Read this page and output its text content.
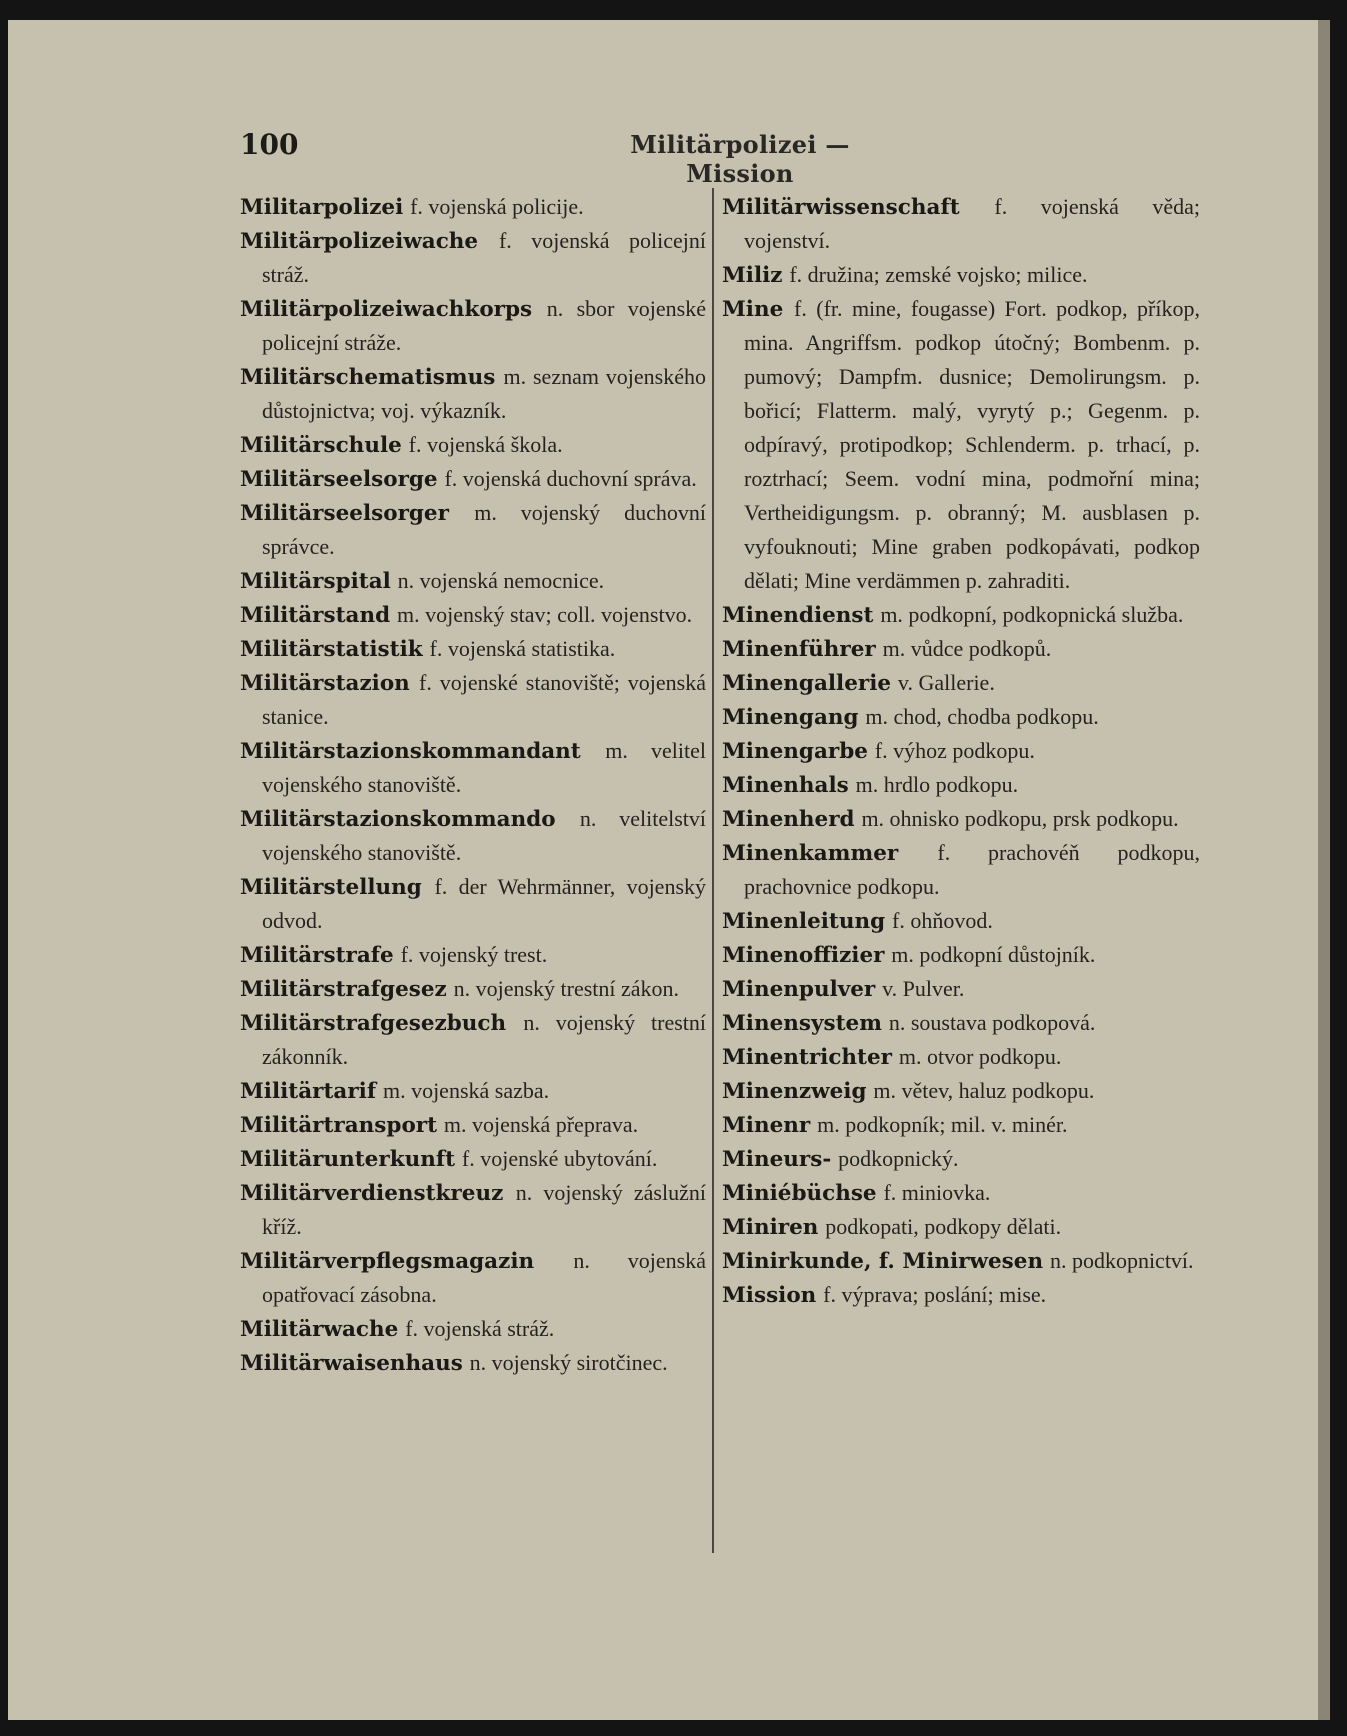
100	Militärpolizei — Mission

Militarpolizei f. vojenská policije.

Militärpolizeiwache f. vojenská policejní stráž.

Militärpolizeiwachkorps n. sbor vojenské policejní stráže.

Militärschematismus m. seznam vojenského důstojnictva; voj. výkazník.

Militärschule f. vojenská škola.

Militärseelsorge f. vojenská duchovní správa.

Militärseelsorger m. vojenský duchovní správce.

Militärspital n. vojenská nemocnice.

Militärstand m. vojenský stav; coll. vojenstvo.

Militärstatistik f. vojenská statistika.

Militärstazion f. vojenské stanoviště; vojenská stanice.

Militärstazionskommandant m. velitel vojenského stanoviště.

Militärstazionskommando n. velitelství vojenského stanoviště.

Militärstellung f. der Wehrmänner, vojenský odvod.

Militärstrafe f. vojenský trest.

Militärstrafgesez n. vojenský trestní zákon.

Militärstrafgesezbuch n. vojenský trestní zákonník.

Militärtarif m. vojenská sazba.

Militärtransport m. vojenská přeprava.

Militärunterkunft f. vojenské ubytování.

Militärverdienstkreuz n. vojenský záslužní kříž.

Militärverpflegsmagazin n. vojenská opatřovací zásobna.

Militärwache f. vojenská stráž.

Militärwaisenhaus n. vojenský sirotčinec.

Militärwissenschaft f. vojenská věda; vojenství.

Miliz f. družina; zemské vojsko; milice.

Mine f. (fr. mine, fougasse) Fort. podkop, příkop, mina. Angriffsm. podkop útočný; Bombenm. p. pumový; Dampfm. dusnice; Demolirungsm. p. bořicí; Flatterm. malý, vyrytý p.; Gegenm. p. odpíravý, protipodkop; Schlenderm. p. trhací, p. roztrhací; Seem. vodní mina, podmořní mina; Vertheidigungsm. p. obranný; M. ausblasen p. vyfouknouti; Mine graben podkopávati, podkop dělati; Mine verdämmen p. zahraditi.

Minendienst m. podkopní, podkopnická služba.

Minenführer m. vůdce podkopů.

Minengallerie v. Gallerie.

Minengang m. chod, chodba podkopu.

Minengarbe f. výhoz podkopu.

Minenhals m. hrdlo podkopu.

Minenherd m. ohnisko podkopu, prsk podkopu.

Minenkammer f. prachovéň podkopu, prachovnice podkopu.

Minenleitung f. ohňovod.

Minenoffizier m. podkopní důstojník.

Minenpulver v. Pulver.

Minensystem n. soustava podkopová.

Minentrichter m. otvor podkopu.

Minenzweig m. větev, haluz podkopu.

Minenr m. podkopník; mil. v. minér.

Mineurs- podkopnický.

Miniébüchse f. miniovka.

Miniren podkopati, podkopy dělati.

Minirkunde, f. Minirwesen n. podkopnictví.

Mission f. výprava; poslání; mise.
